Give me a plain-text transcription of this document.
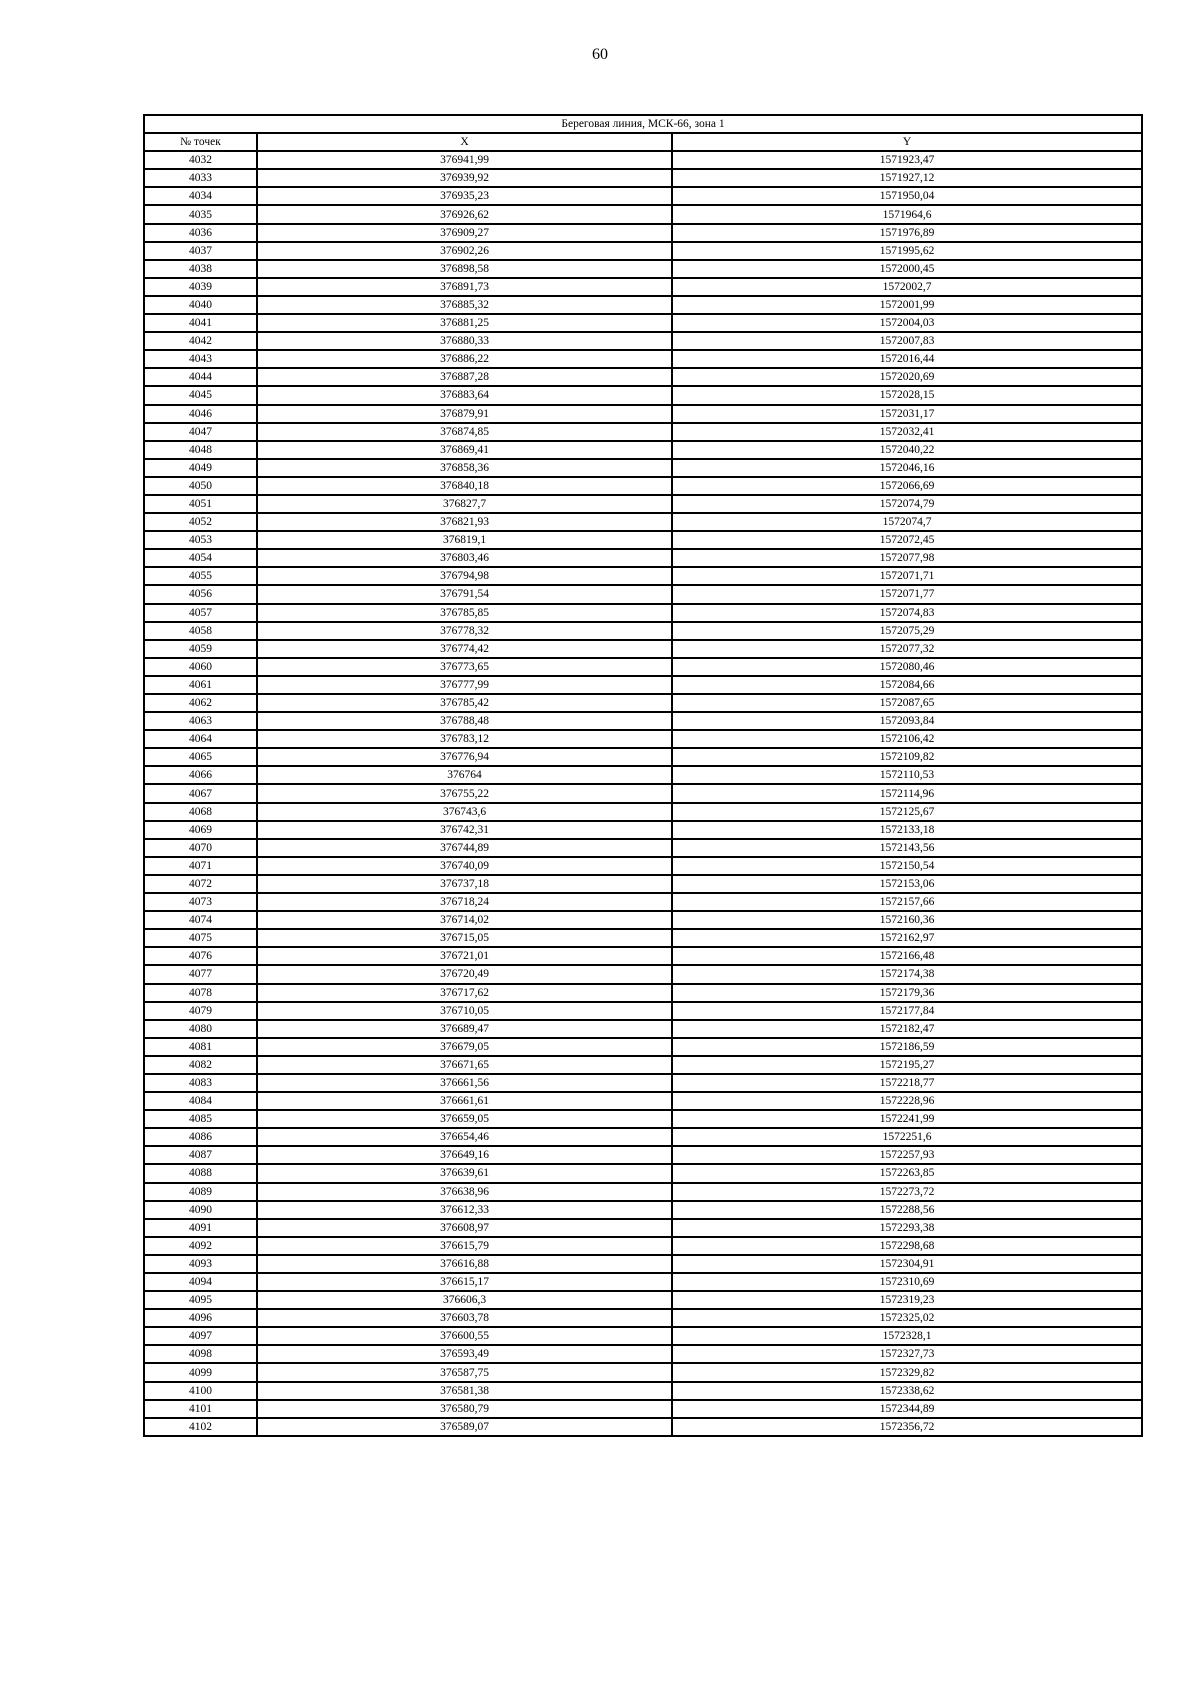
60
Береговая линия, МСК-66, зона 1		
№ точек	X	Y
4032	376941,99	1571923,47
4033	376939,92	1571927,12
4034	376935,23	1571950,04
4035	376926,62	1571964,6
4036	376909,27	1571976,89
4037	376902,26	1571995,62
4038	376898,58	1572000,45
4039	376891,73	1572002,7
4040	376885,32	1572001,99
4041	376881,25	1572004,03
4042	376880,33	1572007,83
4043	376886,22	1572016,44
4044	376887,28	1572020,69
4045	376883,64	1572028,15
4046	376879,91	1572031,17
4047	376874,85	1572032,41
4048	376869,41	1572040,22
4049	376858,36	1572046,16
4050	376840,18	1572066,69
4051	376827,7	1572074,79
4052	376821,93	1572074,7
4053	376819,1	1572072,45
4054	376803,46	1572077,98
4055	376794,98	1572071,71
4056	376791,54	1572071,77
4057	376785,85	1572074,83
4058	376778,32	1572075,29
4059	376774,42	1572077,32
4060	376773,65	1572080,46
4061	376777,99	1572084,66
4062	376785,42	1572087,65
4063	376788,48	1572093,84
4064	376783,12	1572106,42
4065	376776,94	1572109,82
4066	376764	1572110,53
4067	376755,22	1572114,96
4068	376743,6	1572125,67
4069	376742,31	1572133,18
4070	376744,89	1572143,56
4071	376740,09	1572150,54
4072	376737,18	1572153,06
4073	376718,24	1572157,66
4074	376714,02	1572160,36
4075	376715,05	1572162,97
4076	376721,01	1572166,48
4077	376720,49	1572174,38
4078	376717,62	1572179,36
4079	376710,05	1572177,84
4080	376689,47	1572182,47
4081	376679,05	1572186,59
4082	376671,65	1572195,27
4083	376661,56	1572218,77
4084	376661,61	1572228,96
4085	376659,05	1572241,99
4086	376654,46	1572251,6
4087	376649,16	1572257,93
4088	376639,61	1572263,85
4089	376638,96	1572273,72
4090	376612,33	1572288,56
4091	376608,97	1572293,38
4092	376615,79	1572298,68
4093	376616,88	1572304,91
4094	376615,17	1572310,69
4095	376606,3	1572319,23
4096	376603,78	1572325,02
4097	376600,55	1572328,1
4098	376593,49	1572327,73
4099	376587,75	1572329,82
4100	376581,38	1572338,62
4101	376580,79	1572344,89
4102	376589,07	1572356,72
